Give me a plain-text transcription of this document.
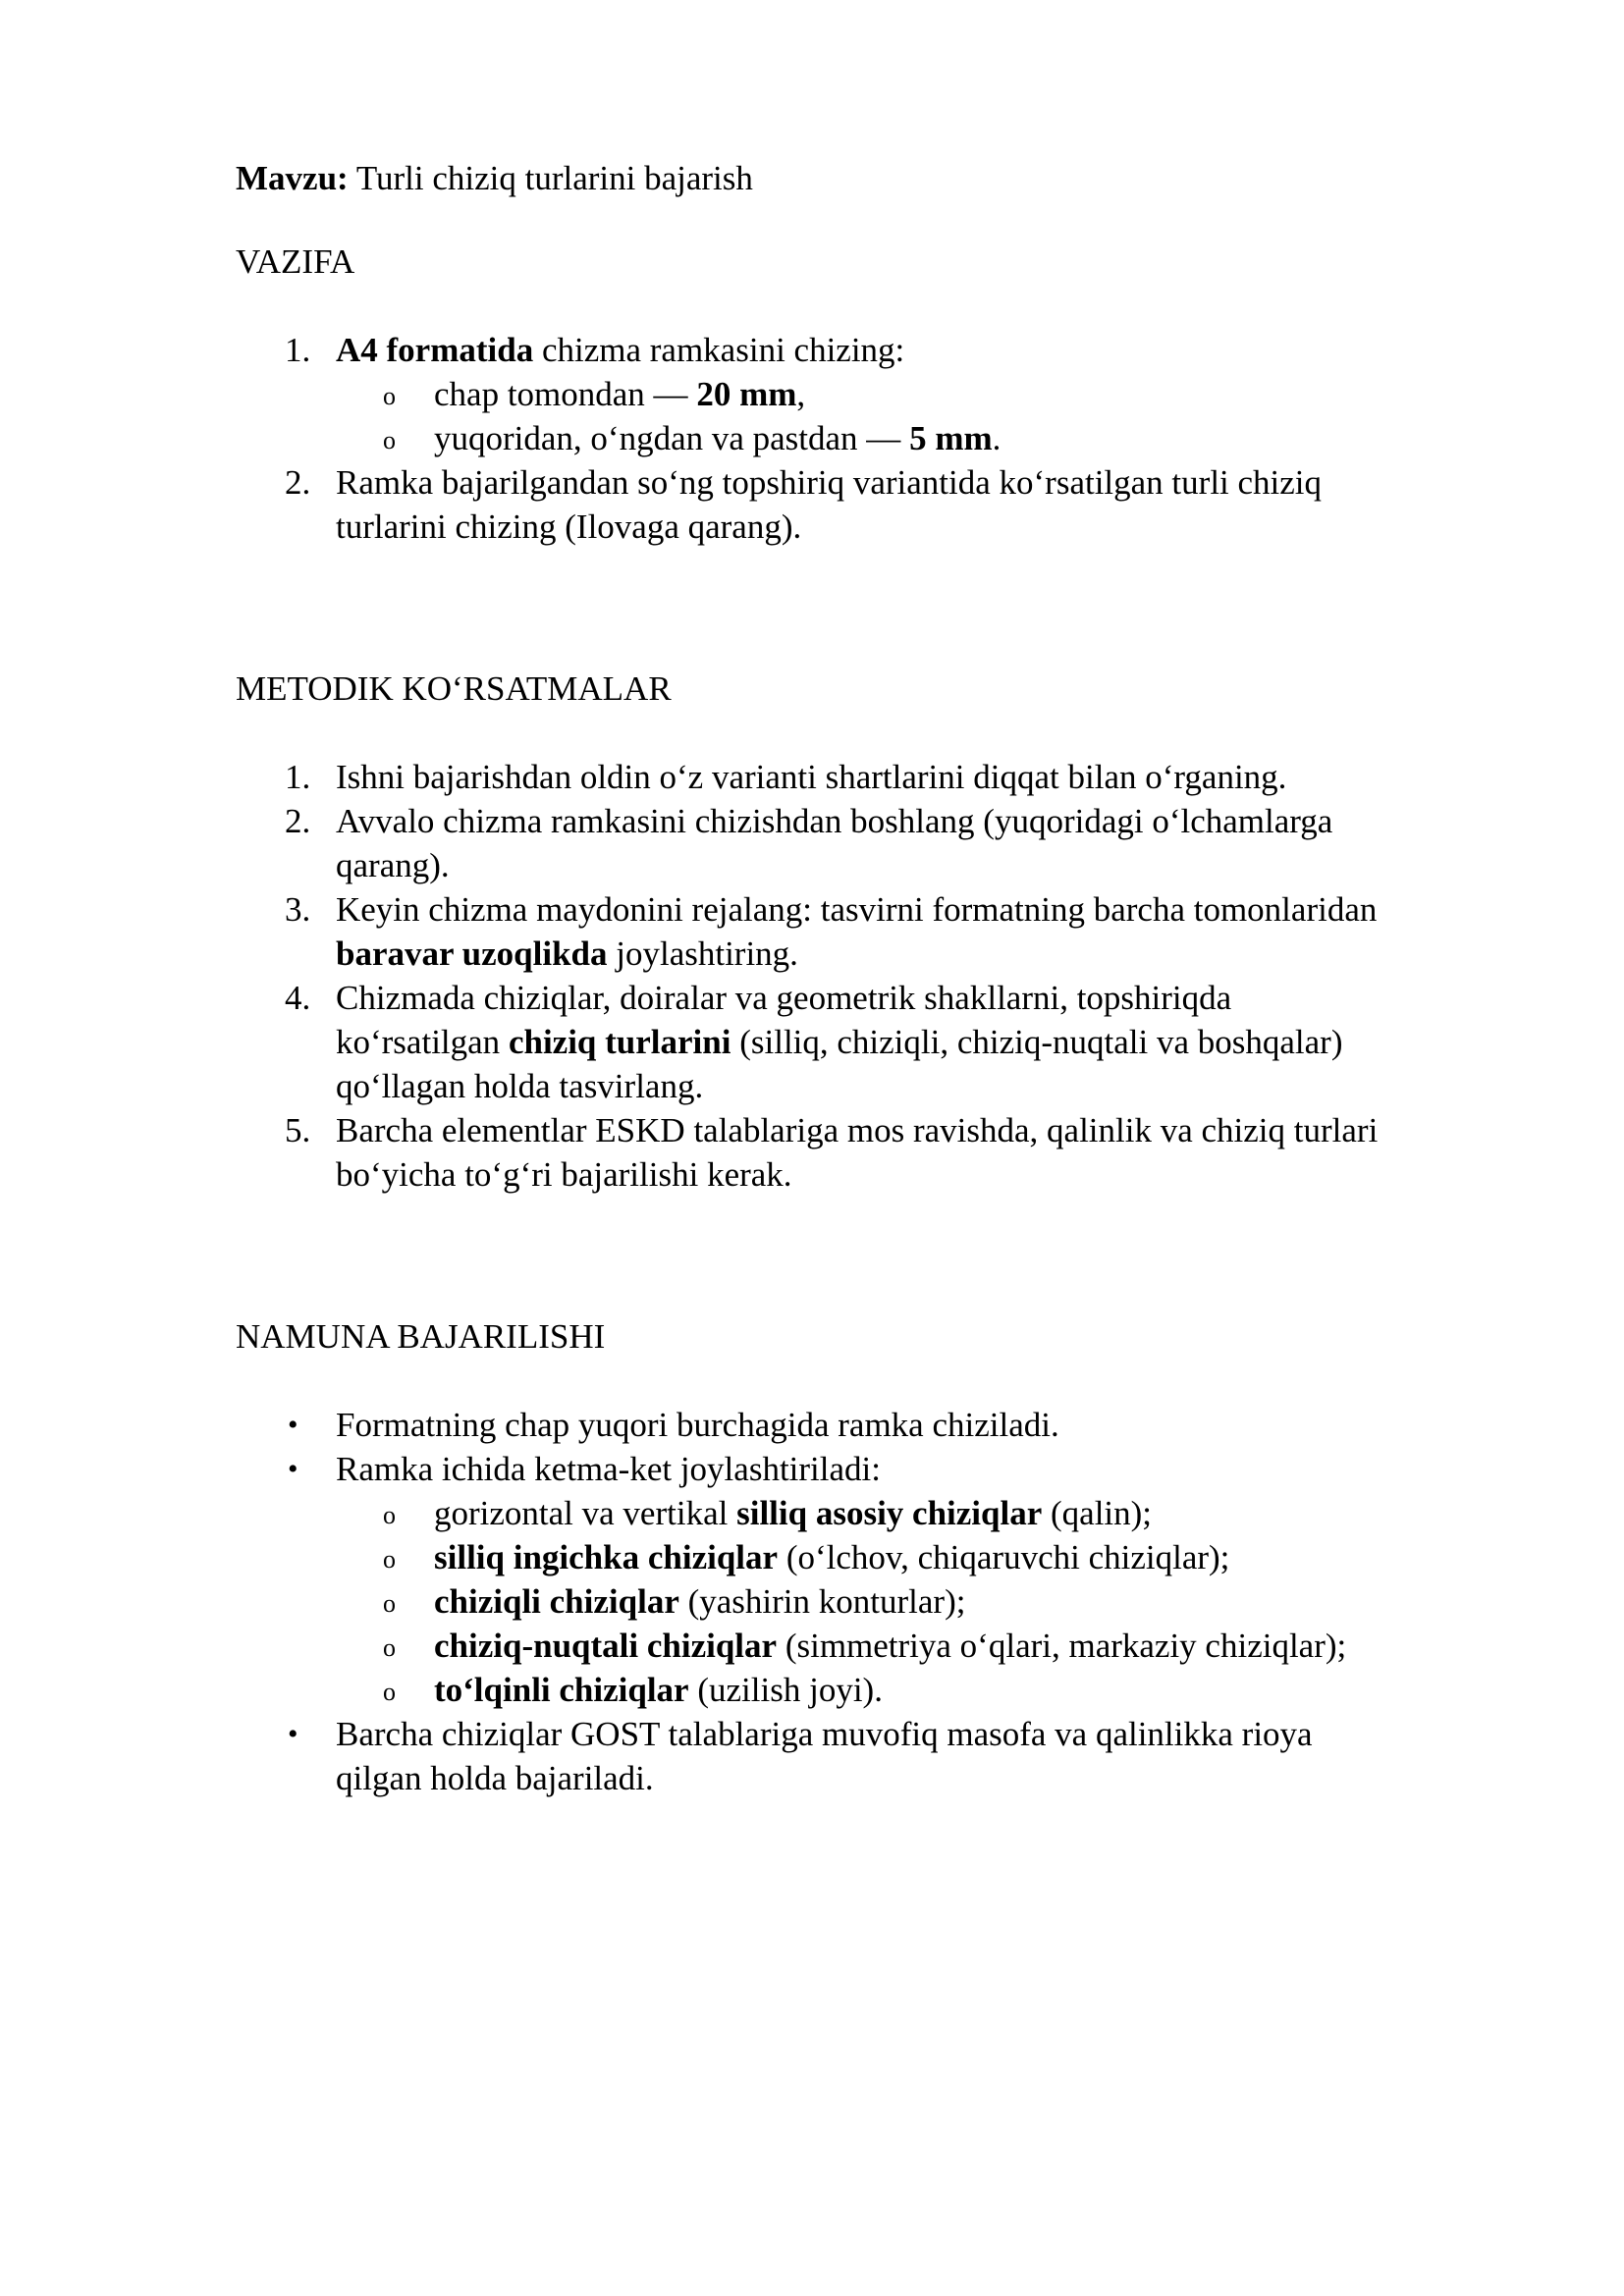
Mavzu: Turli chiziq turlarini bajarish
VAZIFA
1. A4 formatida chizma ramkasini chizing:
o chap tomondan — 20 mm,
o yuqoridan, o‘ngdan va pastdan — 5 mm.
2. Ramka bajarilgandan so‘ng topshiriq variantida ko‘rsatilgan turli chiziq
turlarini chizing (Ilovaga qarang).
METODIK KO‘RSATMALAR
1. Ishni bajarishdan oldin o‘z varianti shartlarini diqqat bilan o‘rganing.
2. Avvalo chizma ramkasini chizishdan boshlang (yuqoridagi o‘lchamlarga
qarang).
3. Keyin chizma maydonini rejalang: tasvirni formatning barcha tomonlaridan
baravar uzoqlikda joylashtiring.
4. Chizmada chiziqlar, doiralar va geometrik shakllarni, topshiriqda
ko‘rsatilgan chiziq turlarini (silliq, chiziqli, chiziq-nuqtali va boshqalar)
qo‘llagan holda tasvirlang.
5. Barcha elementlar ESKD talablariga mos ravishda, qalinlik va chiziq turlari
bo‘yicha to‘g‘ri bajarilishi kerak.
NAMUNA BAJARILISHI
• Formatning chap yuqori burchagida ramka chiziladi.
• Ramka ichida ketma-ket joylashtiriladi:
o gorizontal va vertikal silliq asosiy chiziqlar (qalin);
o silliq ingichka chiziqlar (o‘lchov, chiqaruvchi chiziqlar);
o chiziqli chiziqlar (yashirin konturlar);
o chiziq-nuqtali chiziqlar (simmetriya o‘qlari, markaziy chiziqlar);
o to‘lqinli chiziqlar (uzilish joyi).
• Barcha chiziqlar GOST talablariga muvofiq masofa va qalinlikka rioya
qilgan holda bajariladi.
